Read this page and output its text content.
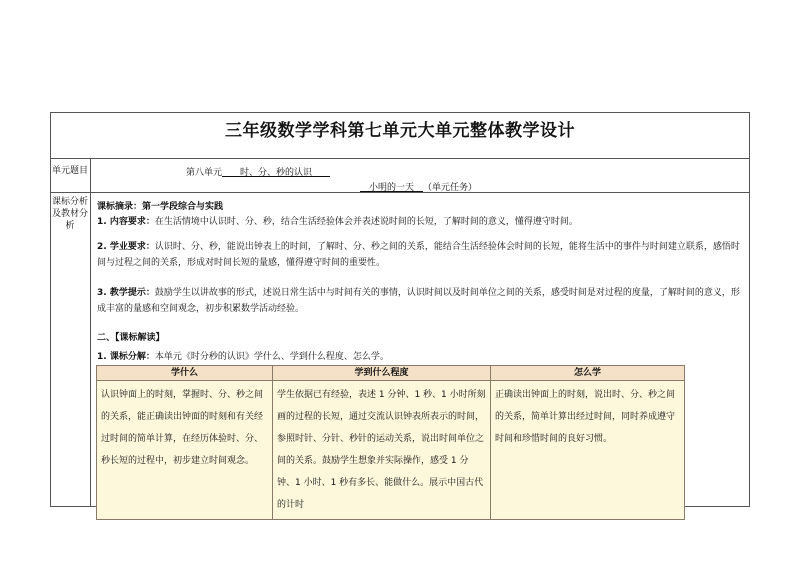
三年级数学学科第七单元大单元整体教学设计
单元题目	第八单元   时、分、秒的认识  
 小明的一天  （单元任务）
课标分析及教材分析
课标摘录：第一学段综合与实践
1. 内容要求：在生活情境中认识时、分、秒，结合生活经验体会并表述说时间的长短，了解时间的意义，懂得遵守时间。
2. 学业要求：认识时、分、秒，能说出钟表上的时间，了解时、分、秒之间的关系，能结合生活经验体会时间的长短，能将生活中的事件与时间建立联系，感悟时间与过程之间的关系，形成对时间长短的量感，懂得遵守时间的重要性。
3. 教学提示：鼓励学生以讲故事的形式，述说日常生活中与时间有关的事情，认识时间以及时间单位之间的关系，感受时间是对过程的度量，了解时间的意义，形成丰富的量感和空间观念，初步积累数学活动经验。
二、【课标解读】
1. 课标分解：本单元《时分秒的认识》学什么、学到什么程度、怎么学。
学什么	学到什么程度	怎么学
认识钟面上的时刻，掌握时、分、秒之间的关系，能正确读出钟面的时刻和有关经过时间的简单计算，在经历体验时、分、秒长短的过程中，初步建立时间观念。	学生依据已有经验，表述 1 分钟、1 秒、1 小时所刻画的过程的长短，通过交流认识钟表所表示的时间，参照时针、分针、秒针的运动关系，说出时间单位之间的关系。鼓励学生想象并实际操作，感受 1 分钟、1 小时、1 秒有多长、能做什么。展示中国古代的计时	正确读出钟面上的时刻，说出时、分、秒之间的关系，简单计算出经过时间，同时养成遵守时间和珍惜时间的良好习惯。
